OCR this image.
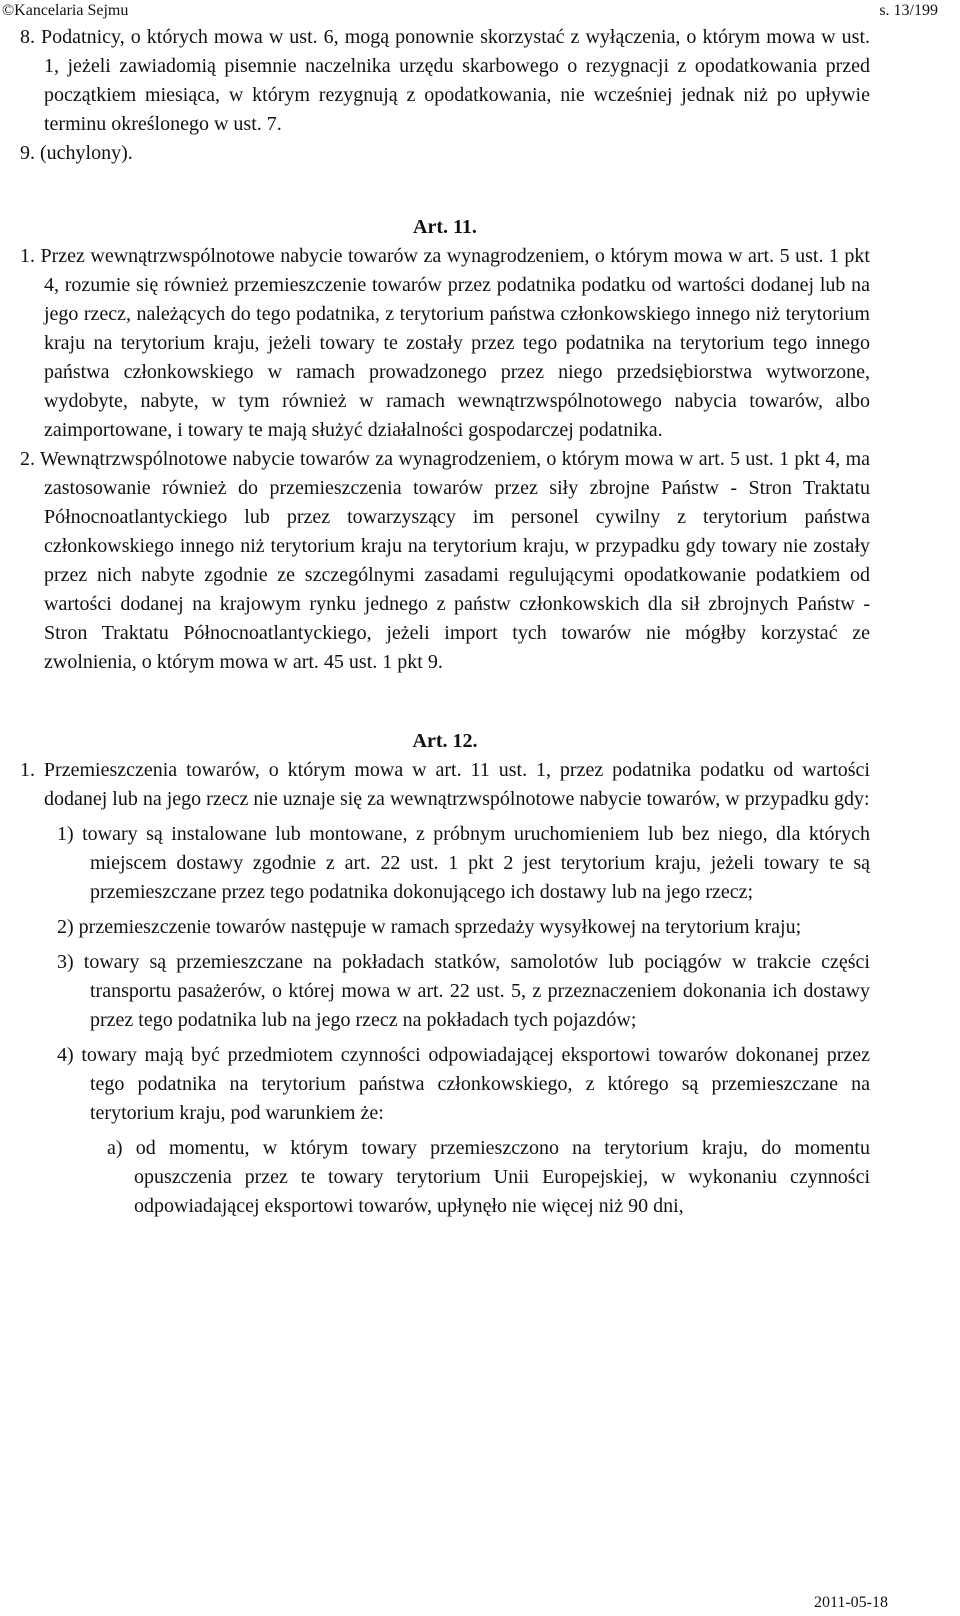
©Kancelaria Sejmu	s. 13/199

8. Podatnicy, o których mowa w ust. 6, mogą ponownie skorzystać z wyłączenia, o którym mowa w ust. 1, jeżeli zawiadomią pisemnie naczelnika urzędu skarbowego o rezygnacji z opodatkowania przed początkiem miesiąca, w którym rezygnują z opodatkowania, nie wcześniej jednak niż po upływie terminu określonego w ust. 7.

9. (uchylony).

Art. 11.

1. Przez wewnątrzwspólnotowe nabycie towarów za wynagrodzeniem, o którym mowa w art. 5 ust. 1 pkt 4, rozumie się również przemieszczenie towarów przez podatnika podatku od wartości dodanej lub na jego rzecz, należących do tego podatnika, z terytorium państwa członkowskiego innego niż terytorium kraju na terytorium kraju, jeżeli towary te zostały przez tego podatnika na terytorium tego innego państwa członkowskiego w ramach prowadzonego przez niego przedsiębiorstwa wytworzone, wydobyte, nabyte, w tym również w ramach wewnątrzwspólnotowego nabycia towarów, albo zaimportowane, i towary te mają służyć działalności gospodarczej podatnika.

2. Wewnątrzwspólnotowe nabycie towarów za wynagrodzeniem, o którym mowa w art. 5 ust. 1 pkt 4, ma zastosowanie również do przemieszczenia towarów przez siły zbrojne Państw - Stron Traktatu Północnoatlantyckiego lub przez towarzyszący im personel cywilny z terytorium państwa członkowskiego innego niż terytorium kraju na terytorium kraju, w przypadku gdy towary nie zostały przez nich nabyte zgodnie ze szczególnymi zasadami regulującymi opodatkowanie podatkiem od wartości dodanej na krajowym rynku jednego z państw członkowskich dla sił zbrojnych Państw - Stron Traktatu Północnoatlantyckiego, jeżeli import tych towarów nie mógłby korzystać ze zwolnienia, o którym mowa w art. 45 ust. 1 pkt 9.

Art. 12.

1. Przemieszczenia towarów, o którym mowa w art. 11 ust. 1, przez podatnika podatku od wartości dodanej lub na jego rzecz nie uznaje się za wewnątrzwspólnotowe nabycie towarów, w przypadku gdy:

1) towary są instalowane lub montowane, z próbnym uruchomieniem lub bez niego, dla których miejscem dostawy zgodnie z art. 22 ust. 1 pkt 2 jest terytorium kraju, jeżeli towary te są przemieszczane przez tego podatnika dokonującego ich dostawy lub na jego rzecz;

2) przemieszczenie towarów następuje w ramach sprzedaży wysyłkowej na terytorium kraju;

3) towary są przemieszczane na pokładach statków, samolotów lub pociągów w trakcie części transportu pasażerów, o której mowa w art. 22 ust. 5, z przeznaczeniem dokonania ich dostawy przez tego podatnika lub na jego rzecz na pokładach tych pojazdów;

4) towary mają być przedmiotem czynności odpowiadającej eksportowi towarów dokonanej przez tego podatnika na terytorium państwa członkowskiego, z którego są przemieszczane na terytorium kraju, pod warunkiem że:

a) od momentu, w którym towary przemieszczono na terytorium kraju, do momentu opuszczenia przez te towary terytorium Unii Europejskiej, w wykonaniu czynności odpowiadającej eksportowi towarów, upłynęło nie więcej niż 90 dni,

2011-05-18
